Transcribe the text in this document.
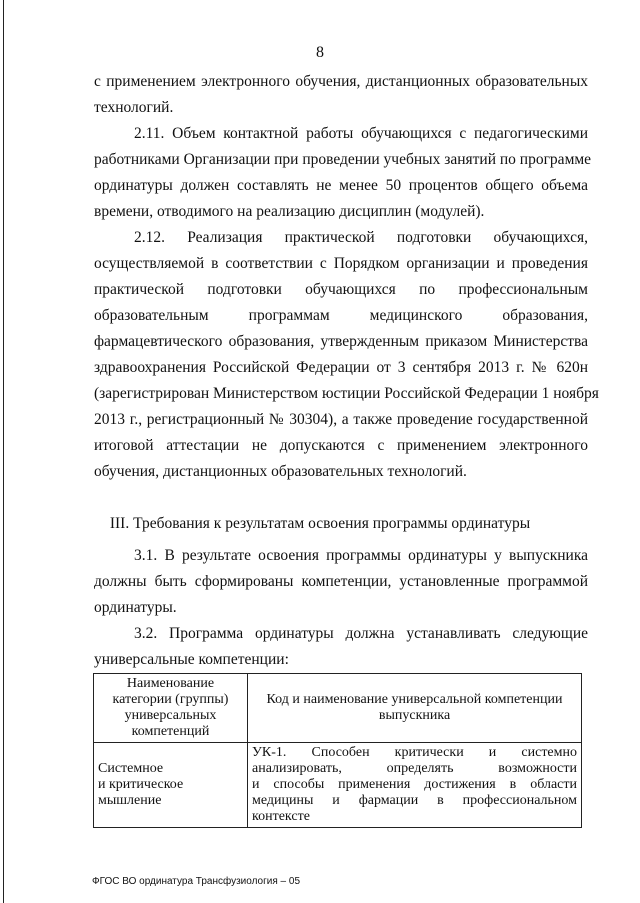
8
с применением электронного обучения, дистанционных образовательных
технологий.
2.11. Объем контактной работы обучающихся с педагогическими
работниками Организации при проведении учебных занятий по программе
ординатуры должен составлять не менее 50 процентов общего объема
времени, отводимого на реализацию дисциплин (модулей).
2.12. Реализация практической подготовки обучающихся,
осуществляемой в соответствии с Порядком организации и проведения
практической подготовки обучающихся по профессиональным
образовательным программам медицинского образования,
фармацевтического образования, утвержденным приказом Министерства
здравоохранения Российской Федерации от 3 сентября 2013 г. № 620н
(зарегистрирован Министерством юстиции Российской Федерации 1 ноября
2013 г., регистрационный № 30304), а также проведение государственной
итоговой аттестации не допускаются с применением электронного
обучения, дистанционных образовательных технологий.
3.1. В результате освоения программы ординатуры у выпускника
должны быть сформированы компетенции, установленные программой
ординатуры.
3.2. Программа ординатуры должна устанавливать следующие
универсальные компетенции:
III. Требования к результатам освоения программы ординатуры
Наименование
категории (группы)
универсальных
компетенций	Код и наименование универсальной компетенции
выпускника

Системное
и критическое
мышление	УК-1. Способен критически и системно
анализировать, определять возможности
и способы применения достижения в области
медицины и фармации в профессиональном
контексте
ФГОС ВО ординатура Трансфузиология – 05
